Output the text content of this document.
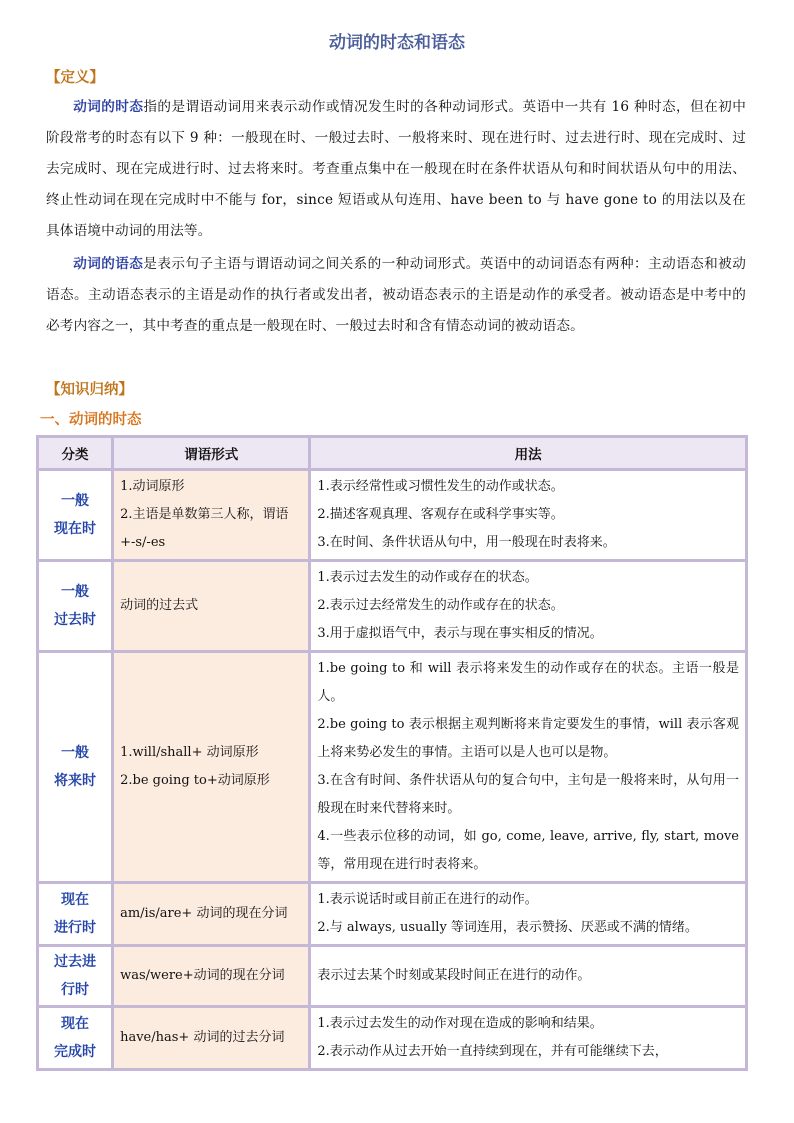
动词的时态和语态
【定义】
动词的时态指的是谓语动词用来表示动作或情况发生时的各种动词形式。英语中一共有 16 种时态，但在初中阶段常考的时态有以下 9 种：一般现在时、一般过去时、一般将来时、现在进行时、过去进行时、现在完成时、过去完成时、现在完成进行时、过去将来时。考查重点集中在一般现在时在条件状语从句和时间状语从句中的用法、终止性动词在现在完成时中不能与 for，since 短语或从句连用、have been to 与 have gone to 的用法以及在具体语境中动词的用法等。
动词的语态是表示句子主语与谓语动词之间关系的一种动词形式。英语中的动词语态有两种：主动语态和被动语态。主动语态表示的主语是动作的执行者或发出者，被动语态表示的主语是动作的承受者。被动语态是中考中的必考内容之一，其中考查的重点是一般现在时、一般过去时和含有情态动词的被动语态。
【知识归纳】
一、动词的时态
分类	谓语形式	用法

一般
现在时	1.动词原形
2.主语是单数第三人称，谓语+-s/-es	1.表示经常性或习惯性发生的动作或状态。
2.描述客观真理、客观存在或科学事实等。
3.在时间、条件状语从句中，用一般现在时表将来。

一般
过去时	动词的过去式	1.表示过去发生的动作或存在的状态。
2.表示过去经常发生的动作或存在的状态。
3.用于虚拟语气中，表示与现在事实相反的情况。

一般
将来时	1.will/shall+ 动词原形
2.be going to+动词原形	1.be going to 和 will 表示将来发生的动作或存在的状态。主语一般是人。
2.be going to 表示根据主观判断将来肯定要发生的事情，will 表示客观上将来势必发生的事情。主语可以是人也可以是物。
3.在含有时间、条件状语从句的复合句中，主句是一般将来时，从句用一般现在时来代替将来时。
4.一些表示位移的动词，如 go, come, leave, arrive, fly, start, move 等，常用现在进行时表将来。

现在
进行时	am/is/are+ 动词的现在分词	1.表示说话时或目前正在进行的动作。
2.与 always, usually 等词连用，表示赞扬、厌恶或不满的情绪。

过去进
行时	was/were+动词的现在分词	表示过去某个时刻或某段时间正在进行的动作。

现在
完成时	have/has+ 动词的过去分词	1.表示过去发生的动作对现在造成的影响和结果。
2.表示动作从过去开始一直持续到现在，并有可能继续下去，
